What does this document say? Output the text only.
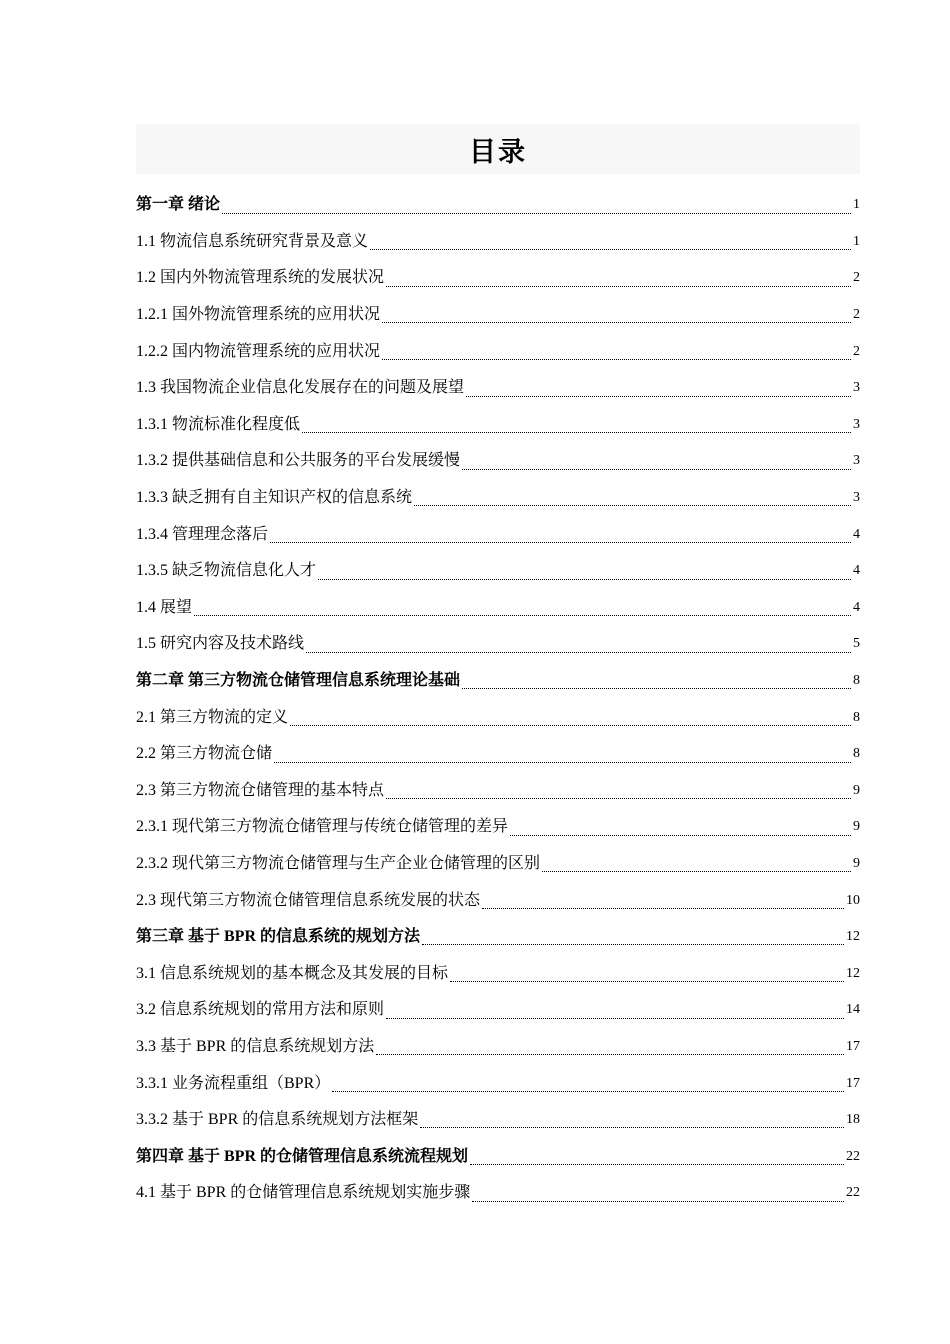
目录
第一章 绪论	1
1.1 物流信息系统研究背景及意义	1
1.2 国内外物流管理系统的发展状况	2
1.2.1 国外物流管理系统的应用状况	2
1.2.2 国内物流管理系统的应用状况	2
1.3 我国物流企业信息化发展存在的问题及展望	3
1.3.1 物流标准化程度低	3
1.3.2 提供基础信息和公共服务的平台发展缓慢	3
1.3.3 缺乏拥有自主知识产权的信息系统	3
1.3.4 管理理念落后	4
1.3.5 缺乏物流信息化人才	4
1.4 展望	4
1.5 研究内容及技术路线	5
第二章 第三方物流仓储管理信息系统理论基础	8
2.1 第三方物流的定义	8
2.2 第三方物流仓储	8
2.3 第三方物流仓储管理的基本特点	9
2.3.1 现代第三方物流仓储管理与传统仓储管理的差异	9
2.3.2 现代第三方物流仓储管理与生产企业仓储管理的区别	9
2.3 现代第三方物流仓储管理信息系统发展的状态	10
第三章 基于 BPR 的信息系统的规划方法	12
3.1 信息系统规划的基本概念及其发展的目标	12
3.2 信息系统规划的常用方法和原则	14
3.3 基于 BPR 的信息系统规划方法	17
3.3.1 业务流程重组（BPR）	17
3.3.2 基于 BPR 的信息系统规划方法框架	18
第四章 基于 BPR 的仓储管理信息系统流程规划	22
4.1 基于 BPR 的仓储管理信息系统规划实施步骤	22
